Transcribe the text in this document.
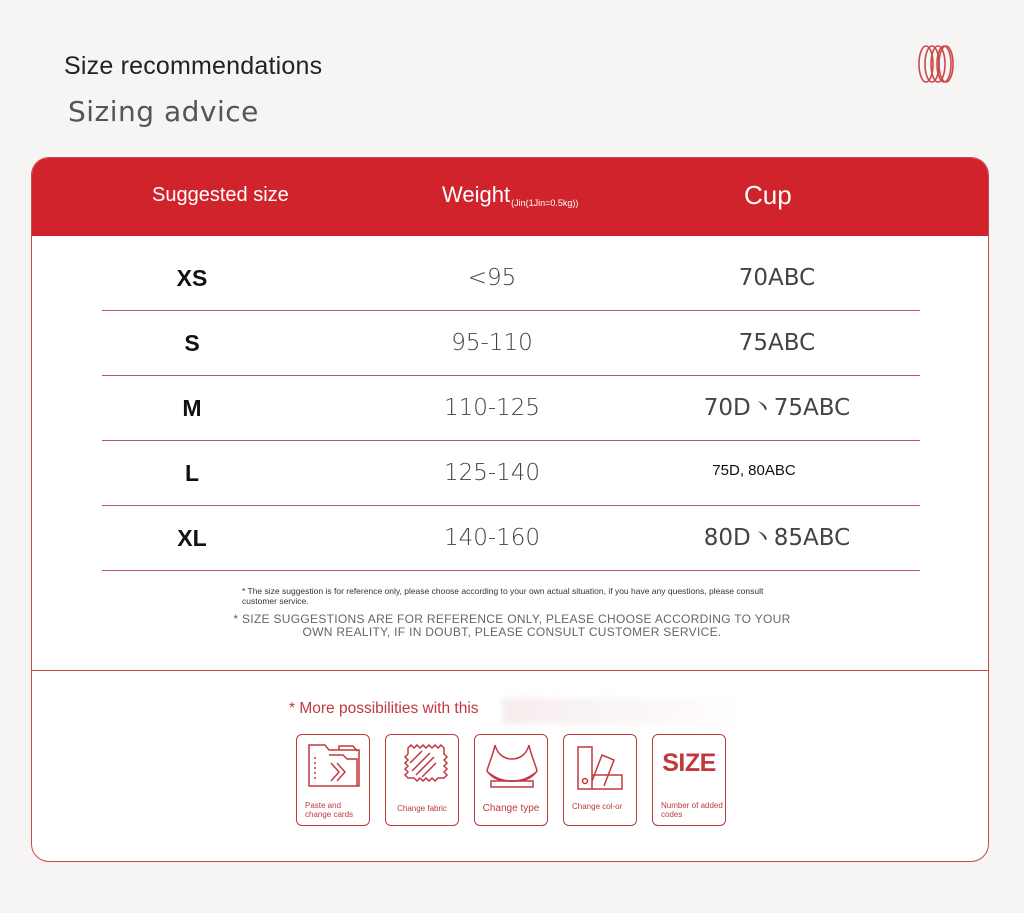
Size recommendations
Sizing advice
Suggested size	Weight(Jin(1Jin=0.5kg))	Cup
XS	<95	70ABC
S	95-110	75ABC
M	110-125	70D丶75ABC
L	125-140	75D, 80ABC
XL	140-160	80D丶85ABC
* The size suggestion is for reference only, please choose according to your own actual situation, if you have any questions, please consult customer service.
* SIZE SUGGESTIONS ARE FOR REFERENCE ONLY, PLEASE CHOOSE ACCORDING TO YOUR OWN REALITY, IF IN DOUBT, PLEASE CONSULT CUSTOMER SERVICE.
* More possibilities with this
Paste and change cards
Change fabric	Change type	Change col-or
SIZE
Number of added codes
